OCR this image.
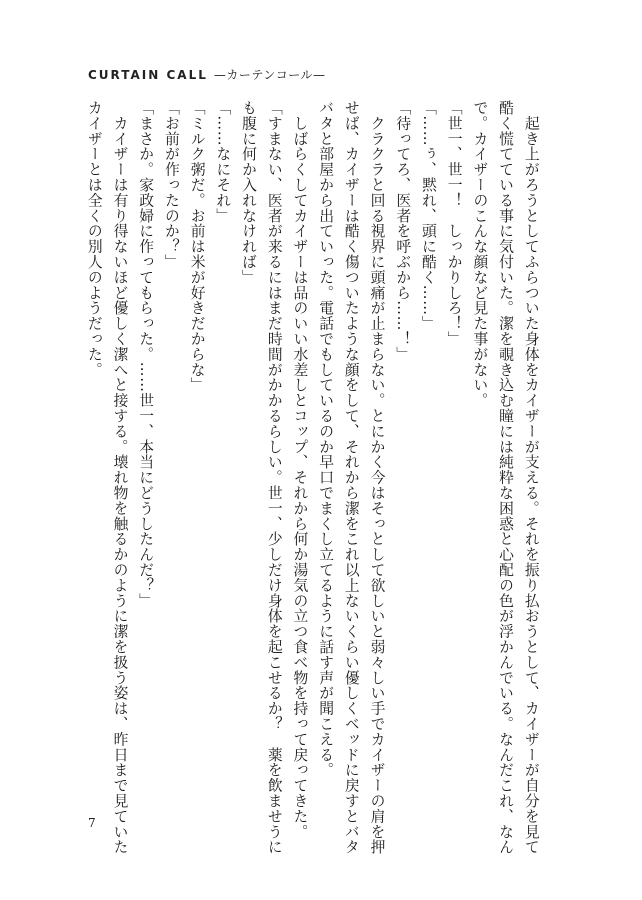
CURTAIN CALL —カーテンコール—
　起き上がろうとしてふらついた身体をカイザーが支える。それを振り払おうとして、カイザーが自分を見て
酷く慌てている事に気付いた。潔を覗き込む瞳には純粋な困惑と心配の色が浮かんでいる。なんだこれ、なん
で。カイザーのこんな顔など見た事がない。
「世一、世一！　しっかりしろ！」
「……ぅ、黙れ、頭に酷く……」
「待ってろ、医者を呼ぶから……！」
　クラクラと回る視界に頭痛が止まらない。とにかく今はそっとして欲しいと弱々しい手でカイザーの肩を押
せば、カイザーは酷く傷ついたような顔をして、それから潔をこれ以上ないくらい優しくベッドに戻すとバタ
バタと部屋から出ていった。電話でもしているのか早口でまくし立てるように話す声が聞こえる。
　しばらくしてカイザーは品のいい水差しとコップ、それから何か湯気の立つ食べ物を持って戻ってきた。
「すまない、医者が来るにはまだ時間がかかるらしい。世一、少しだけ身体を起こせるか？　薬を飲ませうに
も腹に何か入れなければ」
「……なにそれ」
「ミルク粥だ。お前は米が好きだからな」
「お前が作ったのか？」
「まさか。家政婦に作ってもらった。……世一、本当にどうしたんだ？」
　カイザーは有り得ないほど優しく潔へと接する。壊れ物を触るかのように潔を扱う姿は、昨日まで見ていた
カイザーとは全くの別人のようだった。
7
